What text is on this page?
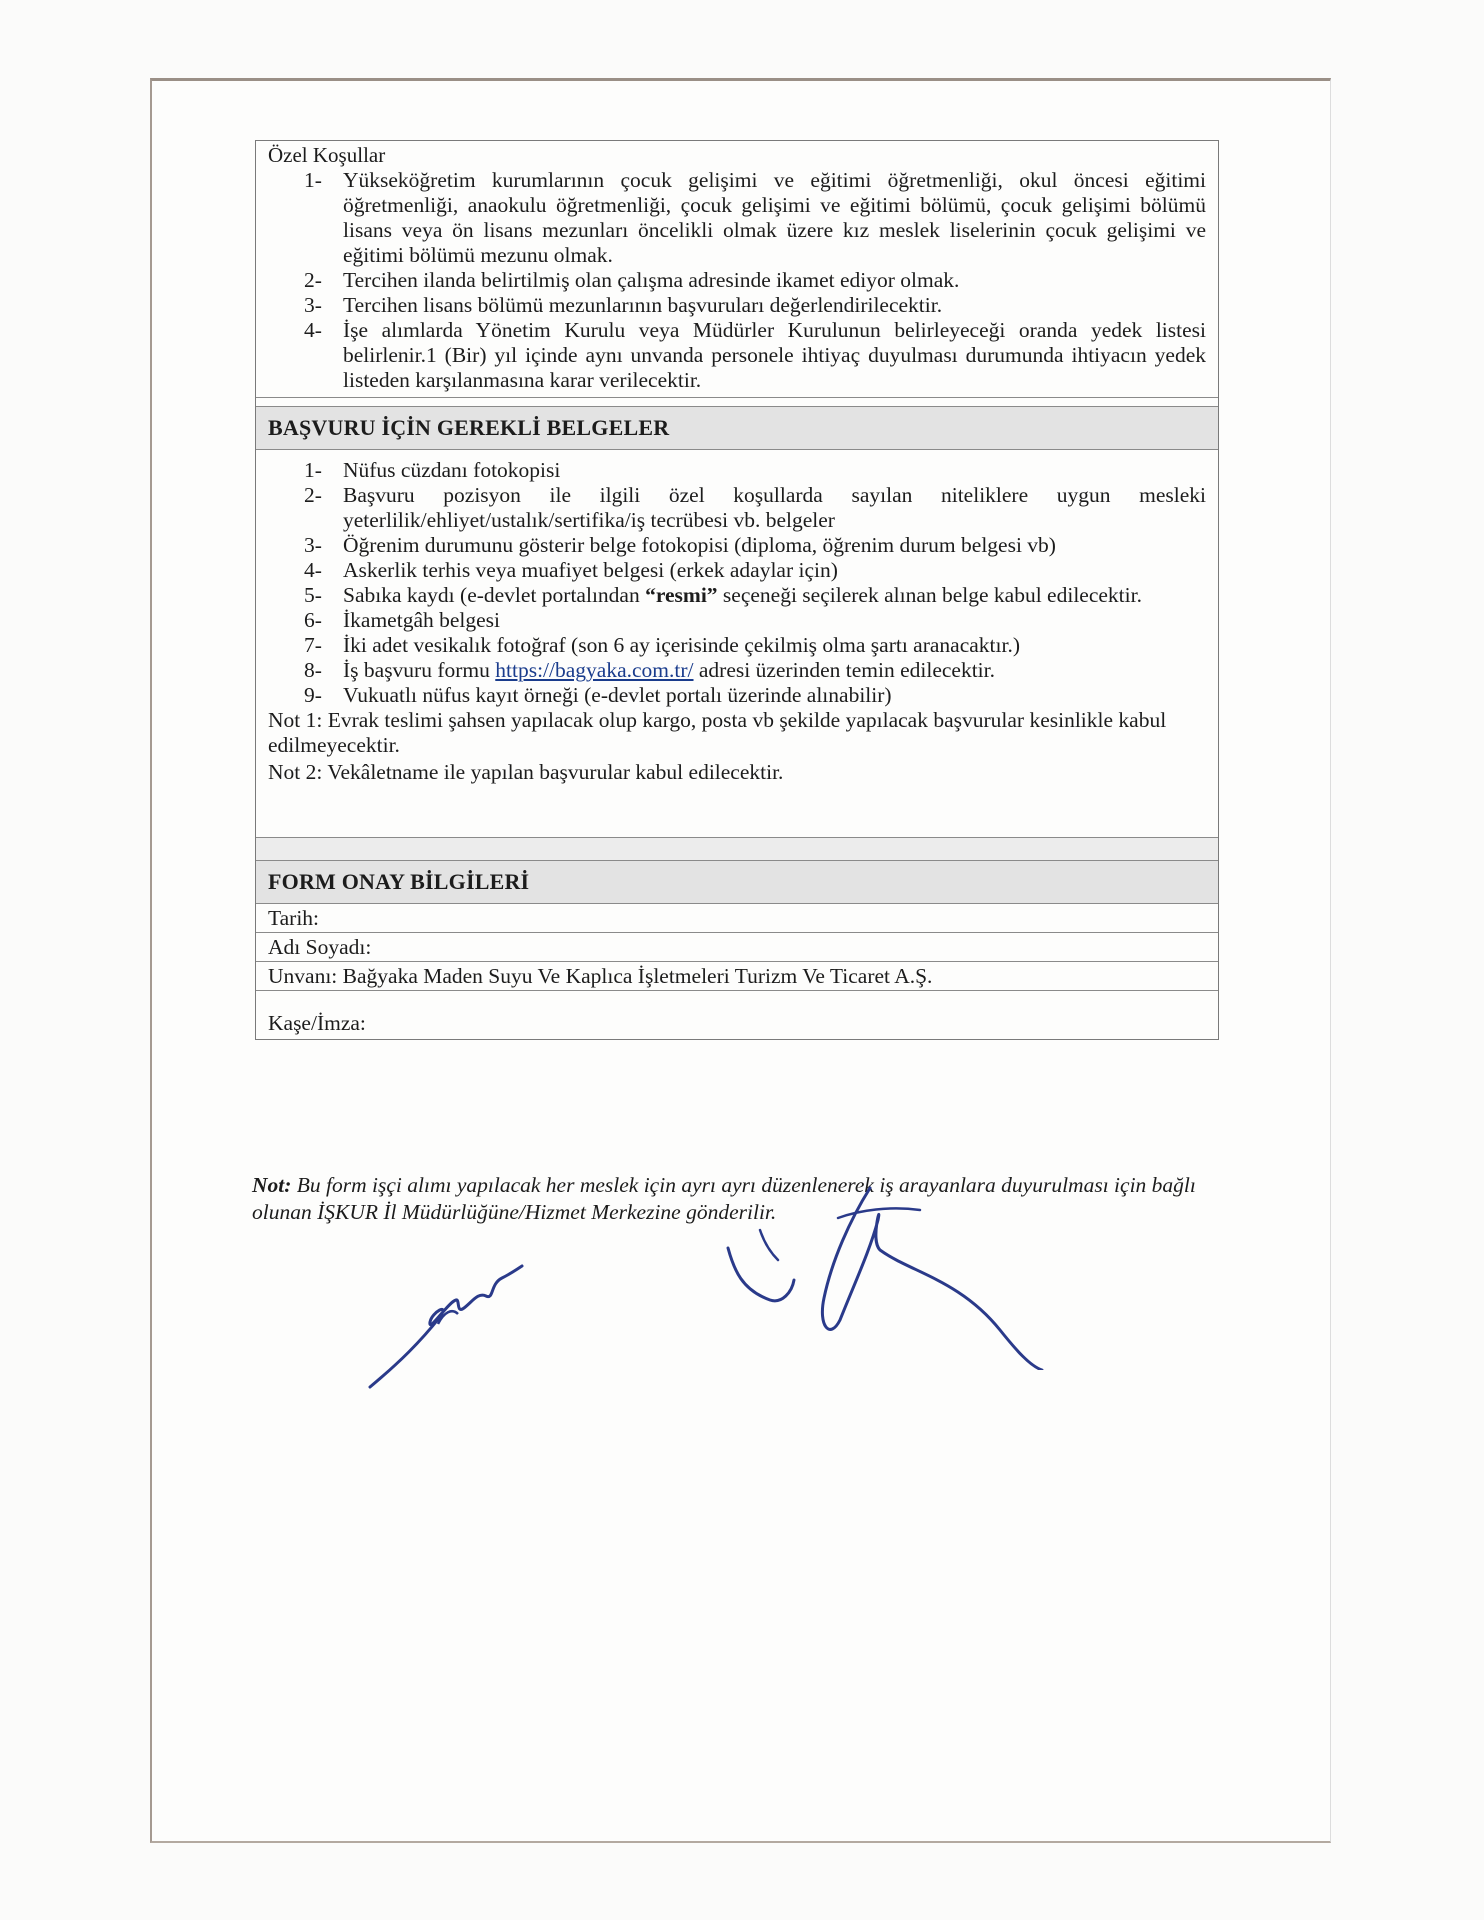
Özel Koşullar
1- Yükseköğretim kurumlarının çocuk gelişimi ve eğitimi öğretmenliği, okul öncesi eğitimi öğretmenliği, anaokulu öğretmenliği, çocuk gelişimi ve eğitimi bölümü, çocuk gelişimi bölümü lisans veya ön lisans mezunları öncelikli olmak üzere kız meslek liselerinin çocuk gelişimi ve eğitimi bölümü mezunu olmak.
2- Tercihen ilanda belirtilmiş olan çalışma adresinde ikamet ediyor olmak.
3- Tercihen lisans bölümü mezunlarının başvuruları değerlendirilecektir.
4- İşe alımlarda Yönetim Kurulu veya Müdürler Kurulunun belirleyeceği oranda yedek listesi belirlenir.1 (Bir) yıl içinde aynı unvanda personele ihtiyaç duyulması durumunda ihtiyacın yedek listeden karşılanmasına karar verilecektir.
BAŞVURU İÇİN GEREKLİ BELGELER
1- Nüfus cüzdanı fotokopisi
2- Başvuru pozisyon ile ilgili özel koşullarda sayılan niteliklere uygun mesleki yeterlilik/ehliyet/ustalık/sertifika/iş tecrübesi vb. belgeler
3- Öğrenim durumunu gösterir belge fotokopisi (diploma, öğrenim durum belgesi vb)
4- Askerlik terhis veya muafiyet belgesi (erkek adaylar için)
5- Sabıka kaydı (e-devlet portalından “resmi” seçeneği seçilerek alınan belge kabul edilecektir.
6- İkametgâh belgesi
7- İki adet vesikalık fotoğraf (son 6 ay içerisinde çekilmiş olma şartı aranacaktır.)
8- İş başvuru formu https://bagyaka.com.tr/ adresi üzerinden temin edilecektir.
9- Vukuatlı nüfus kayıt örneği (e-devlet portalı üzerinde alınabilir)
Not 1: Evrak teslimi şahsen yapılacak olup kargo, posta vb şekilde yapılacak başvurular kesinlikle kabul edilmeyecektir.
Not 2: Vekâletname ile yapılan başvurular kabul edilecektir.
FORM ONAY BİLGİLERİ
Tarih:
Adı Soyadı:
Unvanı: Bağyaka Maden Suyu Ve Kaplıca İşletmeleri Turizm Ve Ticaret A.Ş.
Kaşe/İmza:
Not: Bu form işçi alımı yapılacak her meslek için ayrı ayrı düzenlenerek iş arayanlara duyurulması için bağlı olunan İŞKUR İl Müdürlüğüne/Hizmet Merkezine gönderilir.
